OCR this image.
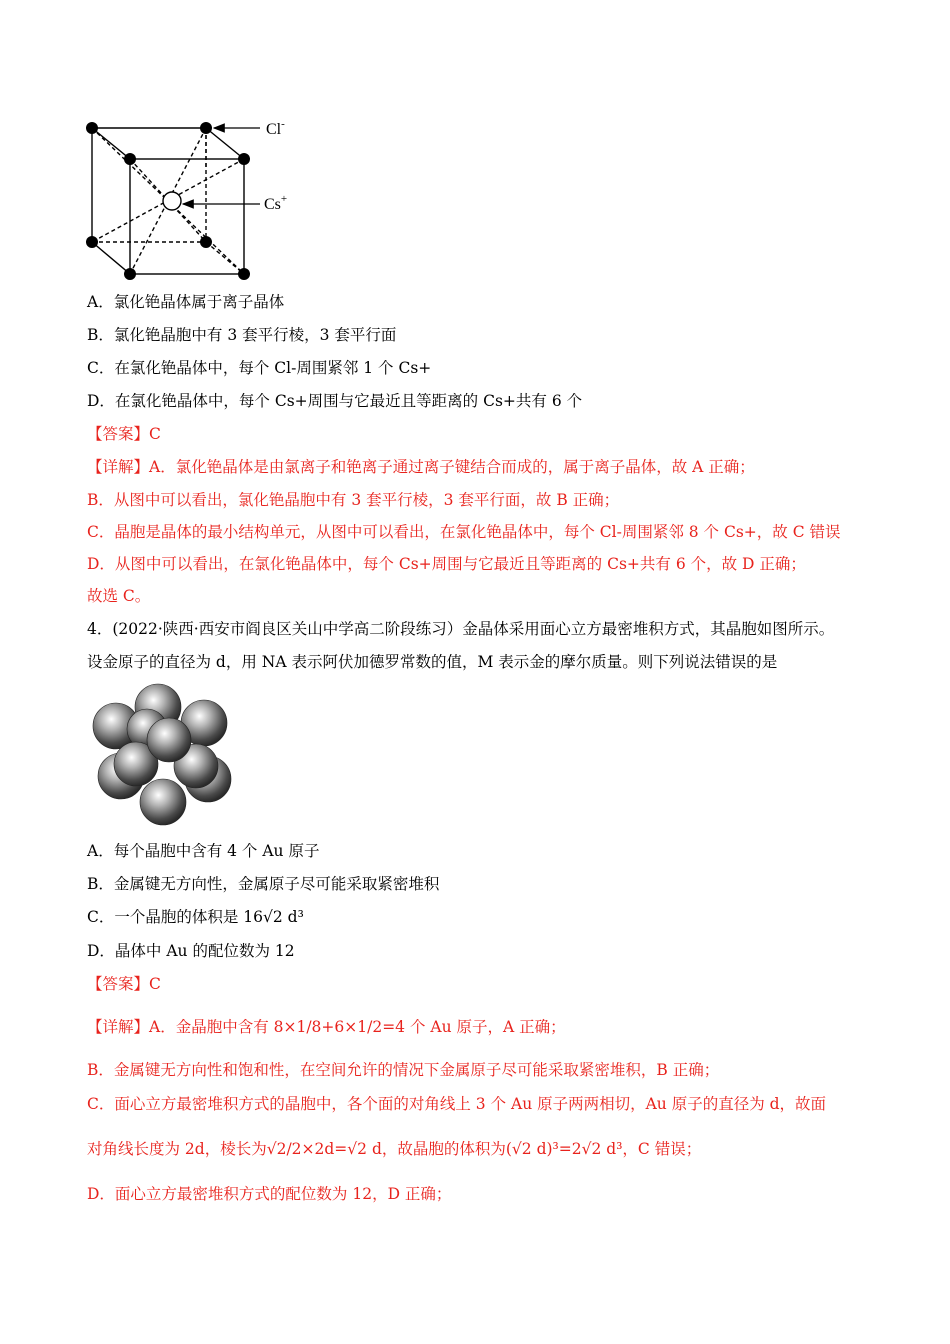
Cl-
Cs+
A．氯化铯晶体属于离子晶体
B．氯化铯晶胞中有 3 套平行棱，3 套平行面
C．在氯化铯晶体中，每个 Cl-周围紧邻 1 个 Cs+
D．在氯化铯晶体中，每个 Cs+周围与它最近且等距离的 Cs+共有 6 个
【答案】C
【详解】A．氯化铯晶体是由氯离子和铯离子通过离子键结合而成的，属于离子晶体，故 A 正确；
B．从图中可以看出，氯化铯晶胞中有 3 套平行棱，3 套平行面，故 B 正确；
C．晶胞是晶体的最小结构单元，从图中可以看出，在氯化铯晶体中，每个 Cl-周围紧邻 8 个 Cs+，故 C 错误
D．从图中可以看出，在氯化铯晶体中，每个 Cs+周围与它最近且等距离的 Cs+共有 6 个，故 D 正确；
故选 C。
4．(2022·陕西·西安市阎良区关山中学高二阶段练习）金晶体采用面心立方最密堆积方式，其晶胞如图所示。
设金原子的直径为 d，用 NA 表示阿伏加德罗常数的值，M 表示金的摩尔质量。则下列说法错误的是
A．每个晶胞中含有 4 个 Au 原子
B．金属键无方向性，金属原子尽可能采取紧密堆积
C．一个晶胞的体积是 16√2 d³
D．晶体中 Au 的配位数为 12
【答案】C
【详解】A．金晶胞中含有 8×1/8+6×1/2=4 个 Au 原子，A 正确；
B．金属键无方向性和饱和性，在空间允许的情况下金属原子尽可能采取紧密堆积，B 正确；
C．面心立方最密堆积方式的晶胞中，各个面的对角线上 3 个 Au 原子两两相切，Au 原子的直径为 d，故面
对角线长度为 2d，棱长为√2/2×2d=√2 d，故晶胞的体积为(√2 d)³=2√2 d³，C 错误；
D．面心立方最密堆积方式的配位数为 12，D 正确；
